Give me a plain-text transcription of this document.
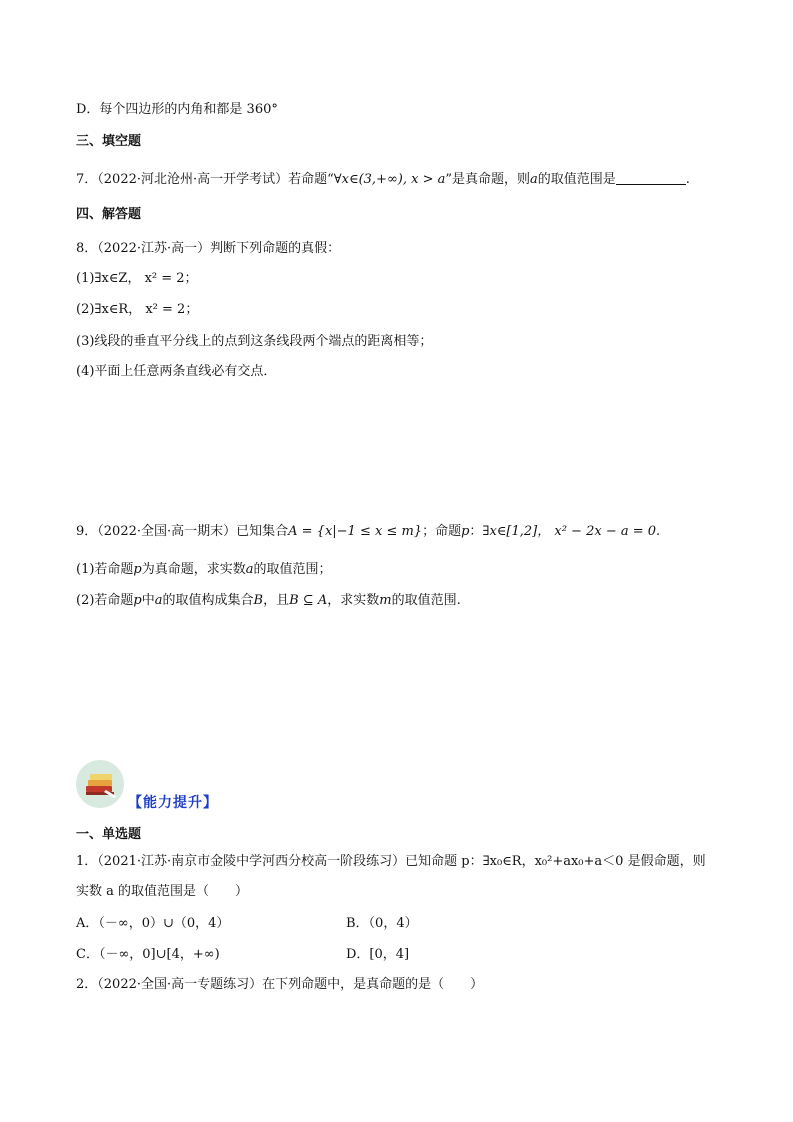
D．每个四边形的内角和都是 360°
三、填空题
7．（2022·河北沧州·高一开学考试）若命题“∀x∈(3,+∞), x > a”是真命题，则a的取值范围是	.
四、解答题
8．（2022·江苏·高一）判断下列命题的真假：
(1)∃x∈Z， x² = 2；
(2)∃x∈R， x² = 2；
(3)线段的垂直平分线上的点到这条线段两个端点的距离相等；
(4)平面上任意两条直线必有交点．
9．（2022·全国·高一期末）已知集合A = {x|−1 ≤ x ≤ m}；命题p：∃x∈[1,2]， x² − 2x − a = 0.
(1)若命题p为真命题，求实数a的取值范围；
(2)若命题p中a的取值构成集合B，且B ⊆ A，求实数m的取值范围.
【能力提升】
一、单选题
1．（2021·江苏·南京市金陵中学河西分校高一阶段练习）已知命题 p：∃x₀∈R，x₀²+ax₀+a＜0 是假命题，则
实数 a 的取值范围是（　　）
A．（－∞，0）∪（0，4）	B．（0，4）
C．（－∞，0]∪[4，+∞)	D．[0，4]
2．（2022·全国·高一专题练习）在下列命题中，是真命题的是（　　）
